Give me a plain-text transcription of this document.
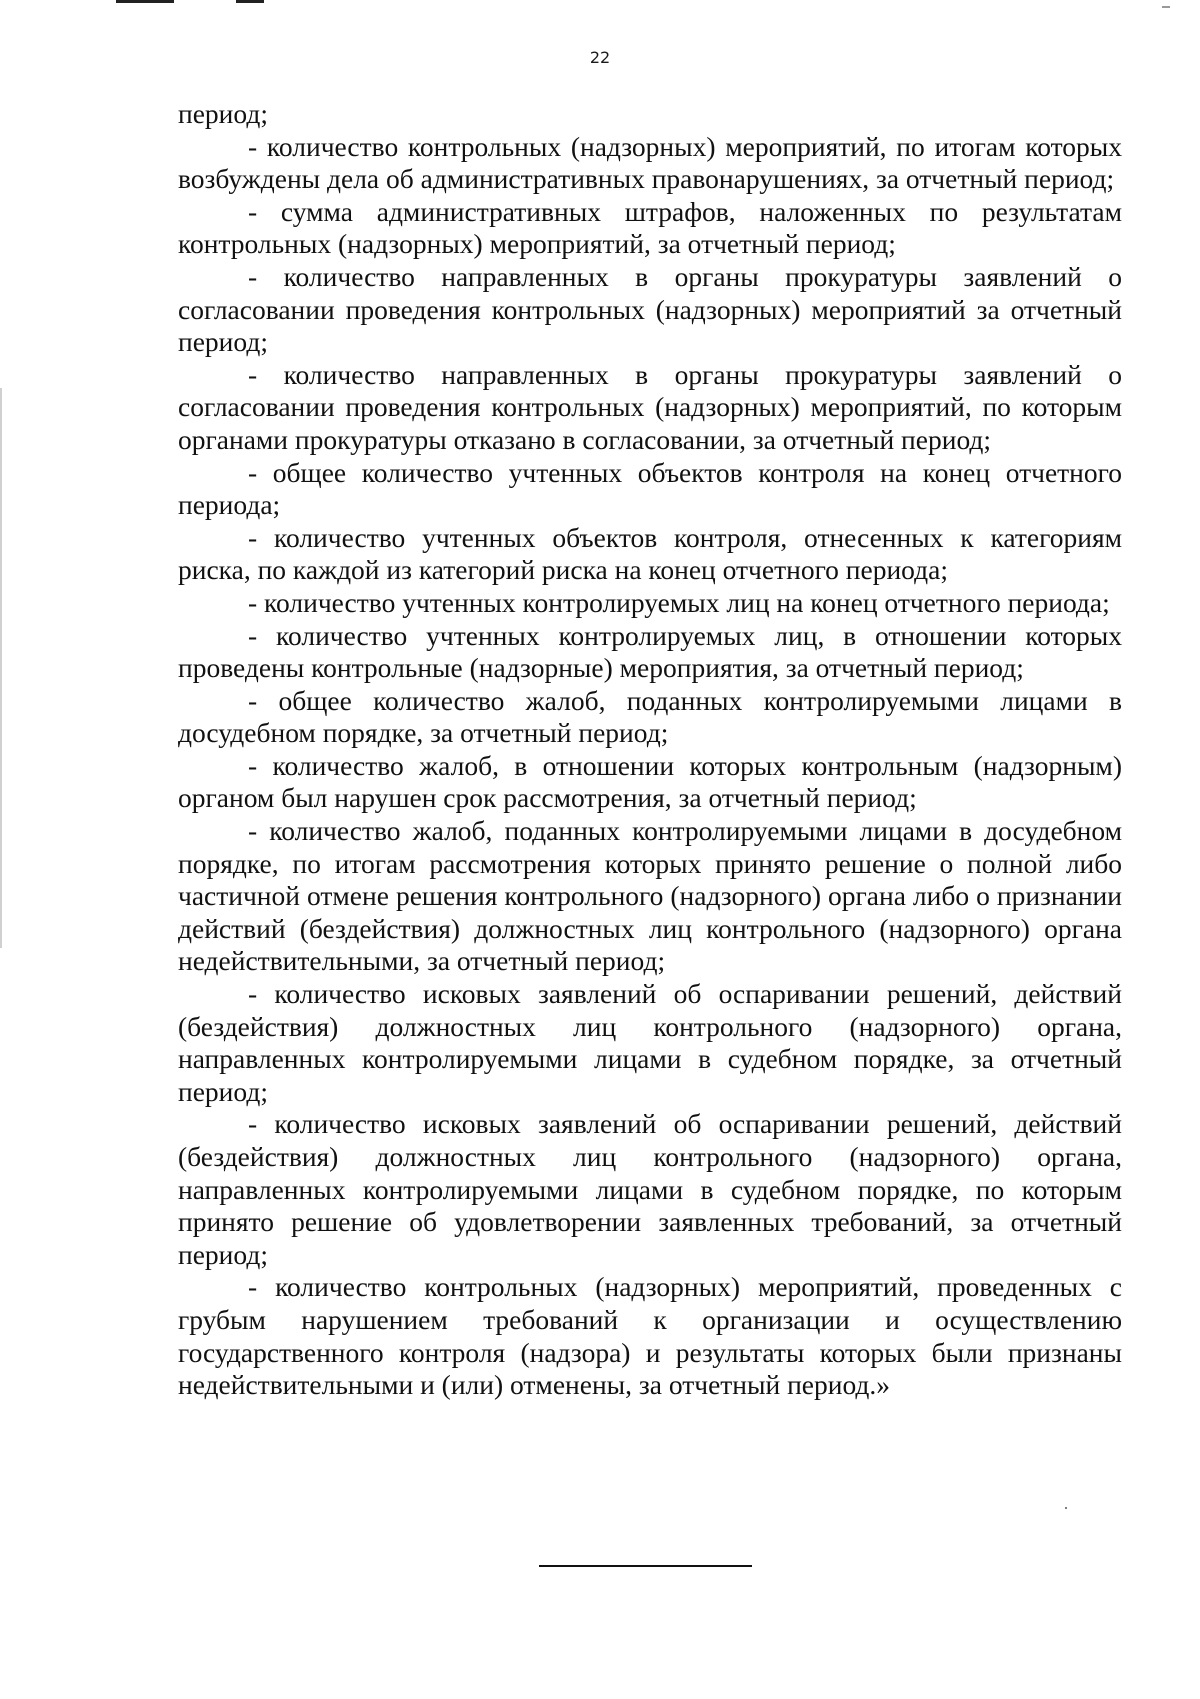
22

период;

- количество контрольных (надзорных) мероприятий, по итогам которых возбуждены дела об административных правонарушениях, за отчетный период;

- сумма административных штрафов, наложенных по результатам контрольных (надзорных) мероприятий, за отчетный период;

- количество направленных в органы прокуратуры заявлений о согласовании проведения контрольных (надзорных) мероприятий за отчетный период;

- количество направленных в органы прокуратуры заявлений о согласовании проведения контрольных (надзорных) мероприятий, по которым органами прокуратуры отказано в согласовании, за отчетный период;

- общее количество учтенных объектов контроля на конец отчетного периода;

- количество учтенных объектов контроля, отнесенных к категориям риска, по каждой из категорий риска на конец отчетного периода;

- количество учтенных контролируемых лиц на конец отчетного периода;

- количество учтенных контролируемых лиц, в отношении которых проведены контрольные (надзорные) мероприятия, за отчетный период;

- общее количество жалоб, поданных контролируемыми лицами в досудебном порядке, за отчетный период;

- количество жалоб, в отношении которых контрольным (надзорным) органом был нарушен срок рассмотрения, за отчетный период;

- количество жалоб, поданных контролируемыми лицами в досудебном порядке, по итогам рассмотрения которых принято решение о полной либо частичной отмене решения контрольного (надзорного) органа либо о признании действий (бездействия) должностных лиц контрольного (надзорного) органа недействительными, за отчетный период;

- количество исковых заявлений об оспаривании решений, действий (бездействия) должностных лиц контрольного (надзорного) органа, направленных контролируемыми лицами в судебном порядке, за отчетный период;

- количество исковых заявлений об оспаривании решений, действий (бездействия) должностных лиц контрольного (надзорного) органа, направленных контролируемыми лицами в судебном порядке, по которым принято решение об удовлетворении заявленных требований, за отчетный период;

- количество контрольных (надзорных) мероприятий, проведенных с грубым нарушением требований к организации и осуществлению государственного контроля (надзора) и результаты которых были признаны недействительными и (или) отменены, за отчетный период.»
